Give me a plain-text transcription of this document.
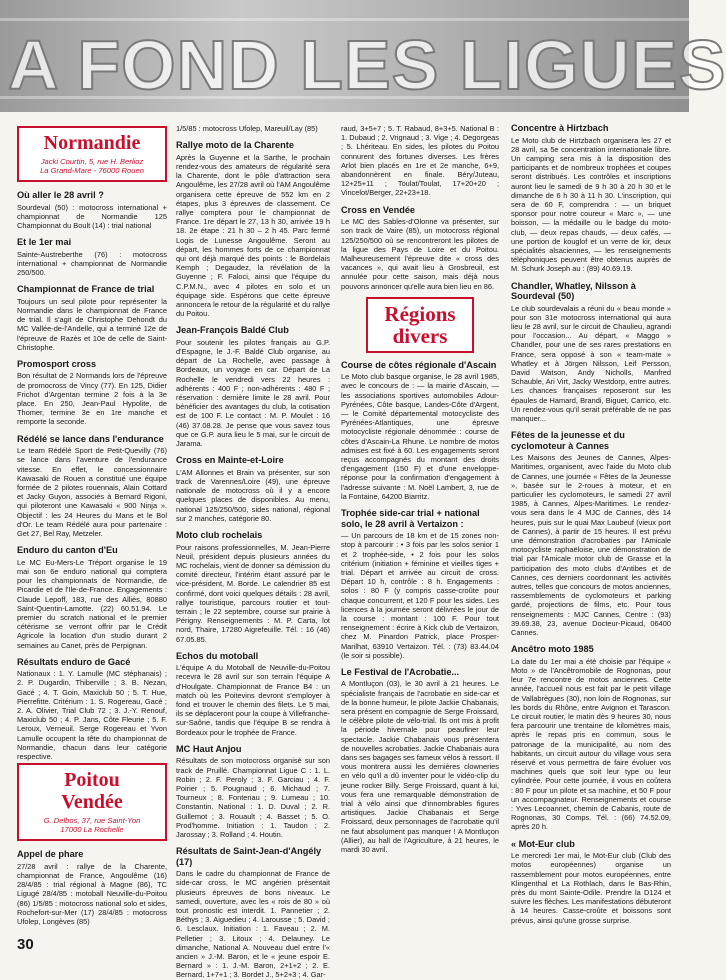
A FOND LES LIGUES
Normandie
Jacki Courtin, 5, rue H. Berlioz
La Grand-Mare - 76000 Rouen
Où aller le 28 avril ?

Sourdeval (50) : motocross international + championnat de Normandie 125 Championnat du Boult (14) : trial national

Et le 1er mai

Sainte-Austreberthe (76) : motocross international + championnat de Normandie 250/500.

Championnat de France de trial

Toujours un seul pilote pour représenter la Normandie dans le championnat de France de trial. Il s'agit de Christophe Dehondt du MC Vallée-de-l'Andelle, qui a terminé 12e de l'épreuve de Razès et 10e de celle de Saint-Christophe.

Promosport cross

Bon résultat de 2 Normands lors de l'épreuve de promocross de Vincy (77). En 125, Didier Frichot d'Argentan termine 2 fois à la 3e place. En 250, Jean-Paul Hypolite, de Thomer, termine 3e en 1re manche et remporte la seconde.

Rédélé se lance dans l'endurance

Le team Rédélé Sport de Petit-Quevilly (76) se lance dans l'aventure de l'endurance vitesse. En effet, le concessionnaire Kawasaki de Rouen a constitué une équipe formée de 2 pilotes rouennais, Alain Cottard et Jacky Guyon, associés à Bernard Rigoni, qui piloteront une Kawasaki « 900 Ninja ». Objectif : les 24 Heures du Mans et le Bol d'Or. Le team Rédélé aura pour partenaire : Get 27, Bel Ray, Metzeler.

Enduro du canton d'Eu

Le MC Eu-Mers-Le Tréport organise le 19 mai son 6e enduro national qui comptera pour les championnats de Normandie, de Picardie et de l'Ile-de-France. Engagements : Claude Lepoff, 183, rue des Alliés, 80880 Saint-Quentin-Lamotte. (22) 60.51.94. Le premier du scratch national et le premier cétérisme se verront offrir par le Crédit Agricole la location d'un studio durant 2 semaines au Canet, près de Perpignan.

Résultats enduro de Gacé

Nationaux : 1. Y. Lamulle (MC stéphanais) ; 2. P. Dugardin, Thiberville ; 3. B. Nezan, Gacé ; 4. T. Goin, Maxiclub 50 ; 5. T. Hue, Pierrefitte. Critérium : 1. S. Rogereau, Gacé ; 2. A. Olivier, Trial Club 72 ; 3. J.-Y. Renouf, Maxiclub 50 ; 4. P. Jans, Côte Fleurie ; 5. F. Leroux, Verneuil. Serge Rogereau et Yvon Lamulle occupent la tête du championnat de Normandie, chacun dans leur catégorie respective.

Poitou
Vendée
G. Delbos, 37, rue Saint-Yon
17000 La Rochelle
Appel de phare

27/28 avril : rallye de la Charente, championnat de France, Angoulême (16) 28/4/85 : trial régional à Magne (86), TC Ligugé 28/4/85 : motoball Neuville-du-Poitou (86) 1/5/85 : motocross national solo et sides, Rochefort-sur-Mer (17) 28/4/85 : motocross Ufolep, Longèves (85)

1/5/85 : motocross Ufolep, Mareuil/Lay (85)

Rallye moto de la Charente

Après la Guyenne et la Sarthe, le prochain rendez-vous des amateurs de régularité sera la Charente, dont le pôle d'attraction sera Angoulême, les 27/28 avril où l'AM Angoulême organisera cette épreuve de 552 km en 2 étapes, plus 3 épreuves de classement. Ce rallye comptera pour le championnat de France. 1re départ le 27, 13 h 30, arrivée 19 h 18. 2e étape : 21 h 30 – 2 h 45. Parc fermé Logis de Lunesse Angoulême. Seront au départ, les hommes forts de ce championnat qui ont déjà marqué des points : le Bordelais Kemph ; Degaudez, la révélation de la Guyenne ; F. Faloci, ainsi que l'équipe du C.P.M.N., avec 4 pilotes en solo et un équipage side. Espérons que cette épreuve annoncera le retour de la régularité et du rallye du Poitou.

Jean-François Baldé Club

Pour soutenir les pilotes français au G.P. d'Espagne, le J.-F. Baldé Club organise, au départ de La Rochelle, avec passage à Bordeaux, un voyage en car. Départ de La Rochelle le vendredi vers 22 heures : adhérents : 400 F ; non-adhérents : 480 F ; réservation : dernière limite le 28 avril. Pour bénéficier des avantages du club, la cotisation est de 100 F. Le contact : M. P. Moulet : 16 (46) 37.08.28. Je pense que vous savez tous que ce G.P. aura lieu le 5 mai, sur le circuit de Jarama.

Cross en Mainte-et-Loire

L'AM Allonnes et Brain va présenter, sur son track de Varennes/Loire (49), une épreuve nationale de motocross où il y a encore quelques places de disponibles. Au menu, national 125/250/500, sides national, régional sur 2 manches, catégorie 80.

Moto club rochelais

Pour raisons professionnelles, M. Jean-Pierre Neuil, président depuis plusieurs années du MC rochelais, vient de donner sa démission du comité directeur, l'intérim étant assuré par le vice-président, M. Borde. Le calendrier 85 est confirmé, dont voici quelques détails : 28 avril, rallye touristique, parcours routier et tout-terrain ; le 22 septembre, course sur prairie à Périgny. Renseignements : M. P. Carta, lot nord, Thaire, 17280 Aigrefeuille. Tél. : 16 (46) 67.05.85.

Echos du motoball

L'équipe A du Motoball de Neuville-du-Poitou recevra le 28 avril sur son terrain l'équipe A d'Houlgate. Championnat de France B4 : un match où les Poitevins devront s'employer à fond et trouver le chemin des filets. Le 5 mai, ils se déplaceront pour la coupe à Villefranche-sur-Saône, tandis que l'équipe B se rendra à Bordeaux pour le trophée de France.

MC Haut Anjou

Résultats de son motocross organisé sur son track de Pruillé. Championnat Ligue C : 1. L. Robin ; 2. F. Peroly ; 3. F. Garciau ; 4. F. Poirier ; 5. Pougnaud ; 6. Michaud ; 7. Tourneux ; 8. Fontenau ; 9. Lumeau ; 10. Constantin. National : 1. D. Duval ; 2. R. Guillemot ; 3. Rouault ; 4. Basset ; 5. O. Prod'homme. Initiation : 1. Taudon ; 2. Jarossay ; 3. Rolland ; 4. Houtin.

Résultats de Saint-Jean-d'Angély (17)

Dans le cadre du championnat de France de side-car cross, le MC angérien présentait plusieurs épreuves de bons niveaux. Le samedi, ouverture, avec les « rois de 80 » où tout pronostic est interdit. 1. Pannetier ; 2. Béthys ; 3. Aiguedieu ; 4. Larousse ; 5. David ; 6. Lesclaux. Initiation : 1. Faveau ; 2. M. Pelletier ; 3. Litoux ; 4. Delauney. Le dimanche, National A. Nouveau duel entre l'« ancien » J.-M. Baron, et le « jeune espoir E. Bernard » : 1. J.-M. Baron, 2+1+2 ; 2. E. Bernard, 1+7+1 ; 3. Bordet J., 5+2+3 ; 4. Gar-

raud, 3+5+7 ; 5. T. Rabaud, 8+3+5. National B : 1. Dubaud ; 2. Vrignaud ; 3. Vige ; 4. Degorgeas ; 5. Lhériteau. En sides, les pilotes du Poitou connurent des fortunes diverses. Les frères Arlot bien placés en 1re et 2e manche, 6+9, abandonnèrent en finale. Béry/Juteau, 12+25+11 ; Toulat/Toulat, 17+20+20 ; Vincelot/Berger, 22+23+18.

Cross en Vendée

Le MC des Sables-d'Olonne va présenter, sur son track de Vaire (85), un motocross régional 125/250/500 où se rencontreront les pilotes de la ligue des Pays de Loire et du Poitou. Malheureusement l'épreuve dite « cross des vacances », qui avait lieu à Grosbreuil, est annulée pour cette saison, mais déjà nous pouvons annoncer qu'elle aura bien lieu en 86.

Régions
divers
Course de côtes régionale d'Ascain

Le Moto club basque organise, le 28 avril 1985, avec le concours de : — la mairie d'Ascain, — les associations sportives automobiles Adour-Pyrénées, Côte basque, Landes-Côte d'Argent, — le Comité départemental motocycliste des Pyrénées-Atlantiques, une épreuve motocycliste régionale dénommée : course de côtes d'Ascain-La Rhune. Le nombre de motos admises est fixé à 60. Les engagements seront reçus accompagnés du montant des droits d'engagement (150 F) et d'une enveloppe-réponse pour la confirmation d'engagement à l'adresse suivante : M. Noël Lambert, 3, rue de la Fontaine, 64200 Biarritz.

Trophée side-car trial + national solo, le 28 avril à Vertaizon :

— Un parcours de 18 km et de 15 zones non-stop à parcourir : • 3 fois par les solos senior 1 et 2 trophée-side, • 2 fois pour les solos critérium (initiation + féminine et vieilles tiges + trial. Départ et arrivée au circuit de cross. Départ 10 h, contrôle : 8 h. Engagements : solos : 80 F (y compris casse-croûte pour chaque concurrent, et 120 F pour les sides. Les licences à la journée seront délivrées le jour de la course : montant : 100 F. Pour tout renseignement : écrire à Kick club de Vertaizon, chez M. Pinardon Patrick, place Prosper-Marilhat, 63910 Vertaizon. Tél. : (73) 83.44.04 (le soir si possible).

Le Festival de l'Acrobatie...

A Montluçon (03), le 30 avril à 21 heures. Le spécialiste français de l'acrobatie en side-car et de la bonne humeur, le pilote Jackie Chabanais, sera présent en compagnie de Serge Froissard, le célèbre pilote de vélo-trial. Ils ont mis à profit la période hivernale pour peaufiner leur spectacle. Jackie Chabanais vous présentera de nouvelles acrobaties. Jackie Chabanais aura dans ses bagages ses fameux vélos à ressort. Il vous montrera aussi les dernières clowneries en vélo qu'il a dû inventer pour le vidéo-clip du jeune rocker Billy. Serge Froissard, quant à lui, vous fera une remarquable démonstration de trial à vélo ainsi que d'innombrables figures artistiques. Jackie Chabanais et Serge Froissard, deux personnages de l'acrobatie qu'il ne faut absolument pas manquer ! A Montluçon (Allier), au hall de l'Agriculture, à 21 heures, le mardi 30 avril.

Concentre à Hirtzbach

Le Moto club de Hirtzbach organisera les 27 et 28 avril, sa 5e concentration internationale libre. Un camping sera mis à la disposition des participants et de nombreux trophées et coupes seront distribués. Les contrôles et inscriptions auront lieu le samedi de 9 h 30 à 20 h 30 et le dimanche de 6 h 30 à 11 h 30. L'inscription, qui sera de 60 F, comprendra : — un briquet sponsor pour notre coureur « Marc », — une boisson, — la médaille ou le badge du moto-club, — deux repas chauds, — deux cafés, — une portion de kouglof et un verre de kir, deux spécialités alsaciennes, — les renseignements téléphoniques peuvent être obtenus auprès de M. Schurk Joseph au : (89) 40.69.19.

Chandler, Whatley, Nilsson à Sourdeval (50)

Le club sourdevalais a réuni du « beau monde » pour son 31e motocross international qui aura lieu le 28 avril, sur le circuit de Chaulieu, agrandi pour l'occasion... Au départ, « Maggo » Chandler, pour une de ses rares prestations en France, sera opposé à son « team-mate » Whatley et à Jörgen Nilsson, Leif Persson, David Watson, Andy Nicholls, Manfred Schauble, Ari Virt, Jacky Westdorp, entre autres. Les chances françaises reposeront sur les épaules de Hamard, Brandi, Biguet, Carrico, etc. Un rendez-vous qu'il serait préférable de ne pas manquer...

Fêtes de la jeunesse et du cyclomoteur à Cannes

Les Maisons des Jeunes de Cannes, Alpes-Maritimes, organisent, avec l'aide du Moto club de Cannes, une journée « Fêtes de la Jeunesse », basée sur le 2-roues à moteur, et en particulier les cyclomoteurs, le samedi 27 avril 1985, à Cannes, Alpes-Maritimes. Le rendez-vous sera dans le 4 MJC de Cannes, dès 14 heures, puis sur le quai Max Laubeuf (vieux port de Cannes), à partir de 15 heures. Il est prévu une démonstration d'acrobaties par l'Amicale motocycliste raphaëloise, une démonstration de trial par l'Amicale motor club de Grasse et la participation des moto clubs d'Antibes et de Cannes, ces derniers coordonnant les activités autres, telles que concours de motos anciennes, rassemblements de cyclomoteurs et parking gardé, projections de films, etc. Pour tous renseignements : MJC Cannes, Centre : (93) 39.69.38, 23, avenue Docteur-Picaud, 06400 Cannes.

Ancêtro moto 1985

La date du 1er mai a été choisie par l'équipe « Moto » de l'Ancêtromobile de Rognonas, pour leur 7e rencontre de motos anciennes. Cette année, l'accueil nous est fait par le petit village de Vallabrègues (30), non loin de Rognonas, sur les bords du Rhône, entre Avignon et Tarascon. Le circuit routier, le matin dès 9 heures 30, nous fera parcourir une trentaine de kilomètres mais, après le repas pris en commun, sous le patronage de la municipalité, au nom des habitants, un circuit autour du village vous sera réservé et vous permettra de faire évoluer vos machines quels que soit leur type ou leur cylindrée. Pour cette journée, il vous en coûtera : 80 F pour un pilote et sa machine, et 50 F pour un accompagnateur. Renseignements et course : Yves Lecoannet, chemin de Cabanis, route de Rognonas, 30 Comps. Tél. : (66) 74.52.09, après 20 h.

« Mot-Eur club

Le mercredi 1er mai, le Mot-Eur club (Club des motos européennes) organise un rassemblement pour motos européennes, entre Klingenthal et La Rothlach, dans le Bas-Rhin, près du mont Sainte-Odile. Prendre la D124 et suivre les flèches. Les manifestations débuteront à 14 heures. Casse-croûte et boissons sont prévus, ainsi qu'une grosse surprise.

30
